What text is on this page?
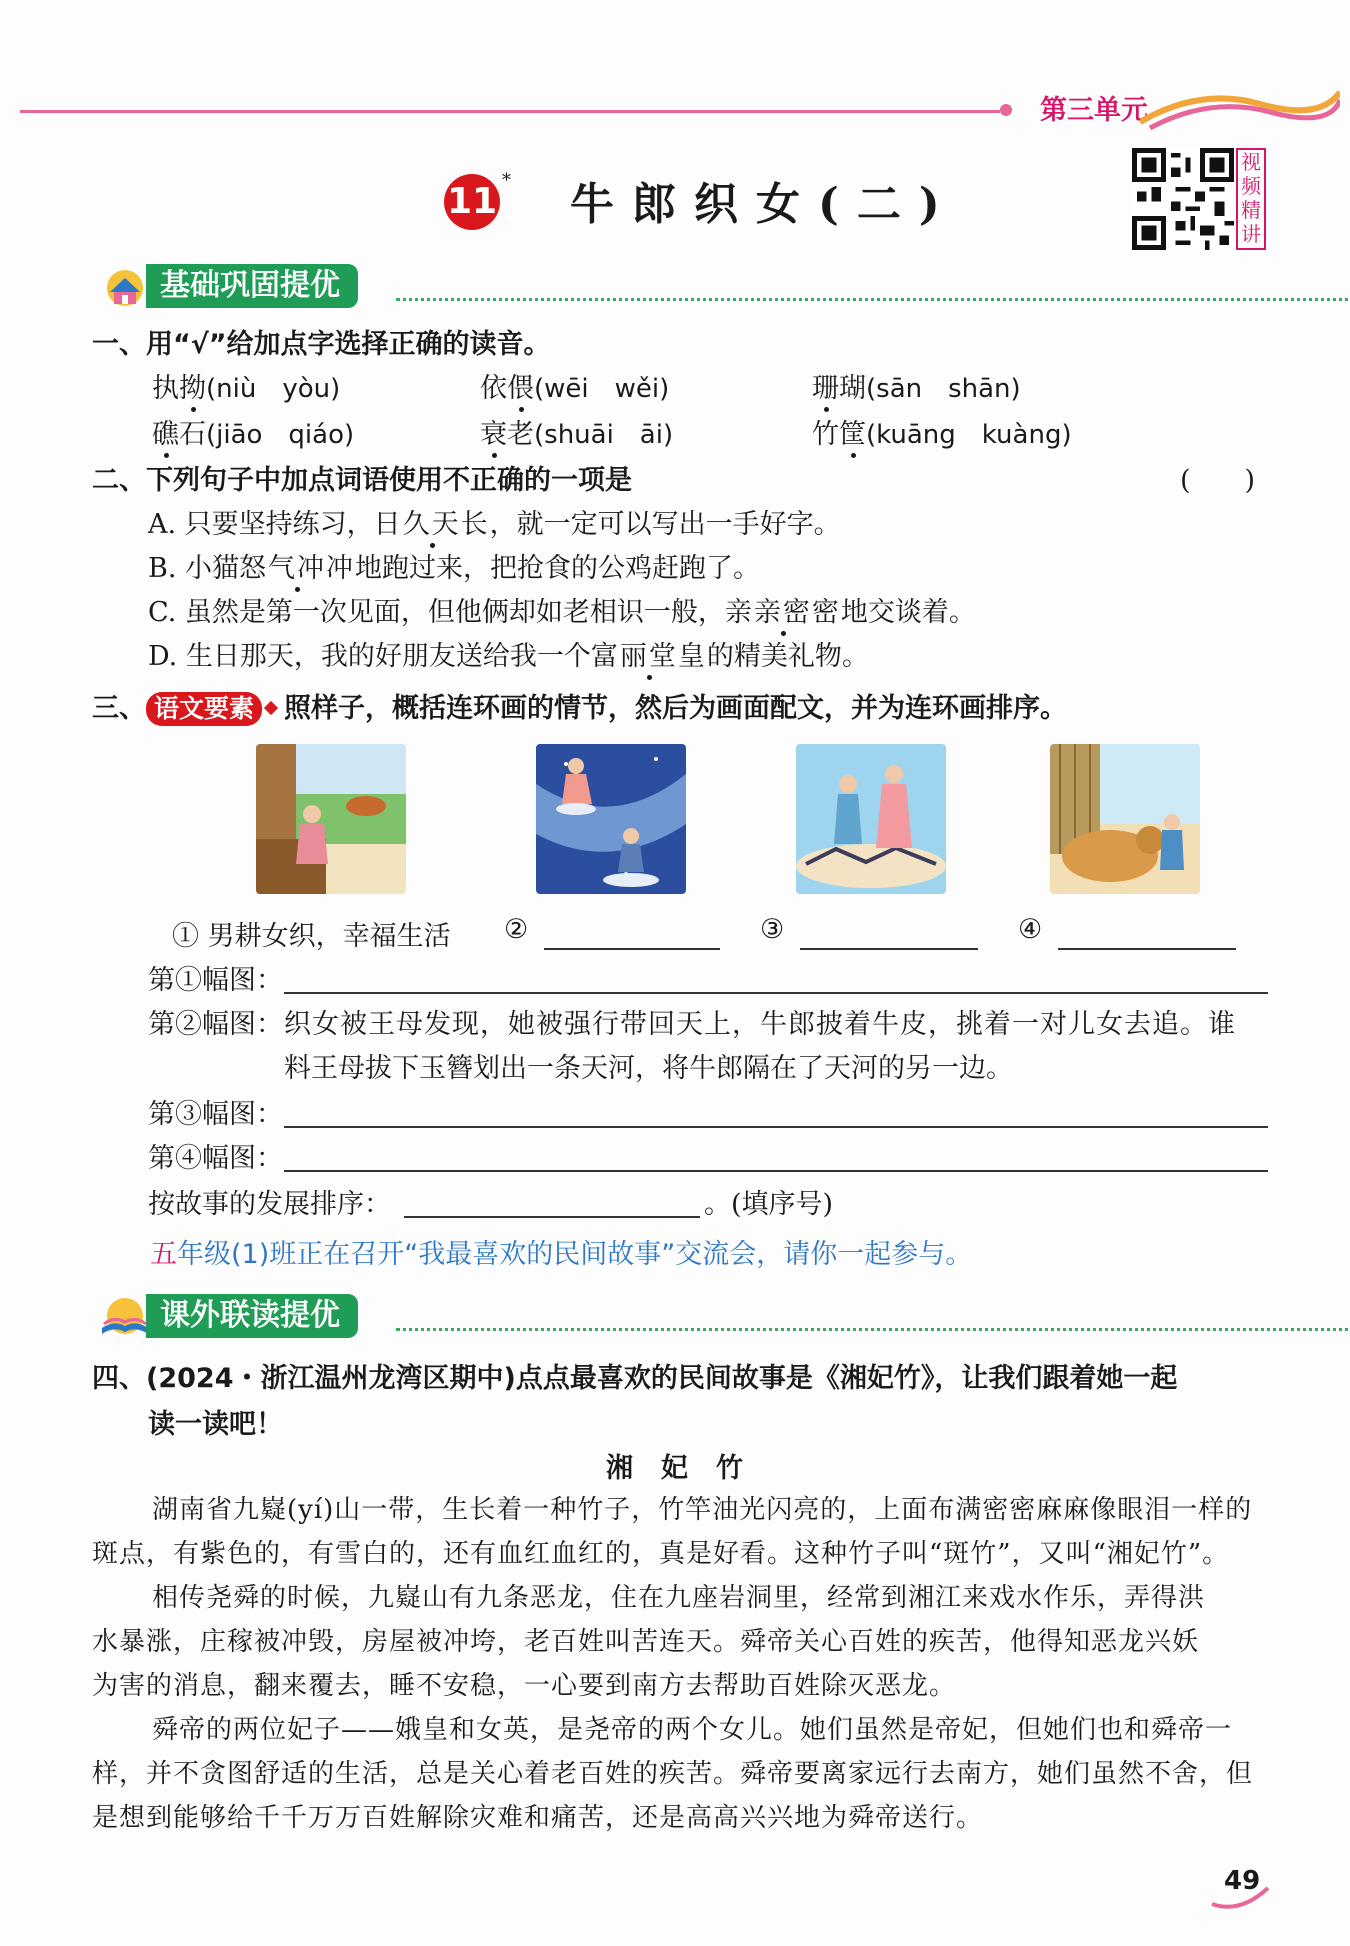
第三单元
11
* 牛郎织女(二)
视频精讲
基础巩固提优
一、用“√”给加点字选择正确的读音。
执拗(niù　yòu)	依偎(wēi　wěi)	珊瑚(sān　shān)
礁石(jiāo　qiáo)	衰老(shuāi　āi)	竹筐(kuāng　kuàng)
二、下列句子中加点词语使用不正确的一项是	(　　)
A. 只要坚持练习，日久天长，就一定可以写出一手好字。
B. 小猫怒气冲冲地跑过来，把抢食的公鸡赶跑了。
C. 虽然是第一次见面，但他俩却如老相识一般，亲亲密密地交谈着。
D. 生日那天，我的好朋友送给我一个富丽堂皇的精美礼物。
三、 语文要素 照样子，概括连环画的情节，然后为画面配文，并为连环画排序。
① 男耕女织，幸福生活 ②	③	④
第①幅图：
第②幅图： 织女被王母发现，她被强行带回天上，牛郎披着牛皮，挑着一对儿女去追。谁
料王母拔下玉簪划出一条天河，将牛郎隔在了天河的另一边。
第③幅图：
第④幅图：
按故事的发展排序：	。(填序号)
五年级(1)班正在召开“我最喜欢的民间故事”交流会，请你一起参与。
课外联读提优
四、(2024・浙江温州龙湾区期中)点点最喜欢的民间故事是《湘妃竹》，让我们跟着她一起
读一读吧！
湘妃竹
湖南省九嶷(yí)山一带，生长着一种竹子，竹竿油光闪亮的，上面布满密密麻麻像眼泪一样的
斑点，有紫色的，有雪白的，还有血红血红的，真是好看。这种竹子叫“斑竹”，又叫“湘妃竹”。
相传尧舜的时候，九嶷山有九条恶龙，住在九座岩洞里，经常到湘江来戏水作乐，弄得洪
水暴涨，庄稼被冲毁，房屋被冲垮，老百姓叫苦连天。舜帝关心百姓的疾苦，他得知恶龙兴妖
为害的消息，翻来覆去，睡不安稳，一心要到南方去帮助百姓除灭恶龙。
舜帝的两位妃子——娥皇和女英，是尧帝的两个女儿。她们虽然是帝妃，但她们也和舜帝一
样，并不贪图舒适的生活，总是关心着老百姓的疾苦。舜帝要离家远行去南方，她们虽然不舍，但
是想到能够给千千万万百姓解除灾难和痛苦，还是高高兴兴地为舜帝送行。
49
